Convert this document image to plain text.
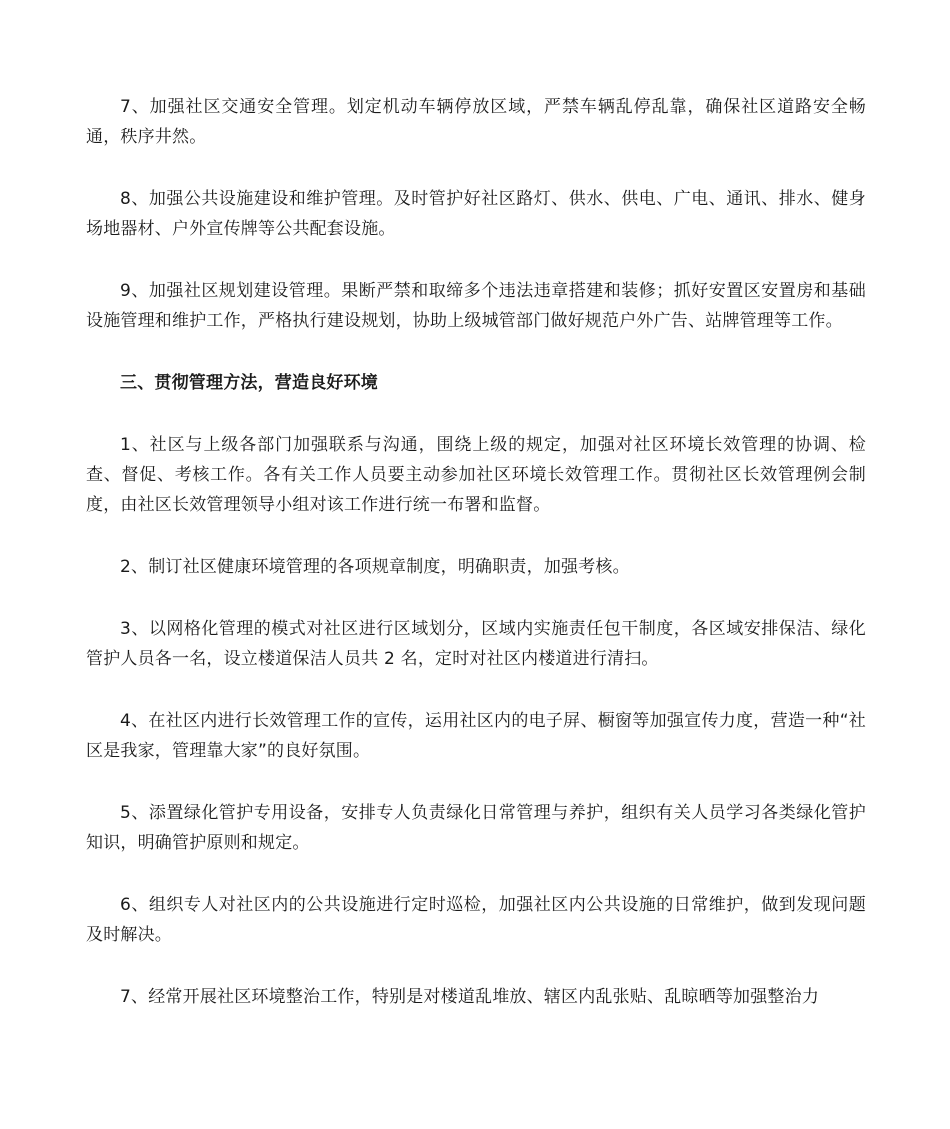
7、加强社区交通安全管理。划定机动车辆停放区域，严禁车辆乱停乱靠，确保社区道路安全畅通，秩序井然。

8、加强公共设施建设和维护管理。及时管护好社区路灯、供水、供电、广电、通讯、排水、健身场地器材、户外宣传牌等公共配套设施。

9、加强社区规划建设管理。果断严禁和取缔多个违法违章搭建和装修；抓好安置区安置房和基础设施管理和维护工作，严格执行建设规划，协助上级城管部门做好规范户外广告、站牌管理等工作。

三、贯彻管理方法，营造良好环境

1、社区与上级各部门加强联系与沟通，围绕上级的规定，加强对社区环境长效管理的协调、检查、督促、考核工作。各有关工作人员要主动参加社区环境长效管理工作。贯彻社区长效管理例会制度，由社区长效管理领导小组对该工作进行统一布署和监督。

2、制订社区健康环境管理的各项规章制度，明确职责，加强考核。

3、以网格化管理的模式对社区进行区域划分，区域内实施责任包干制度，各区域安排保洁、绿化管护人员各一名，设立楼道保洁人员共 2 名，定时对社区内楼道进行清扫。

4、在社区内进行长效管理工作的宣传，运用社区内的电子屏、橱窗等加强宣传力度，营造一种“社区是我家，管理靠大家”的良好氛围。

5、添置绿化管护专用设备，安排专人负责绿化日常管理与养护，组织有关人员学习各类绿化管护知识，明确管护原则和规定。

6、组织专人对社区内的公共设施进行定时巡检，加强社区内公共设施的日常维护，做到发现问题及时解决。

7、经常开展社区环境整治工作，特别是对楼道乱堆放、辖区内乱张贴、乱晾晒等加强整治力
